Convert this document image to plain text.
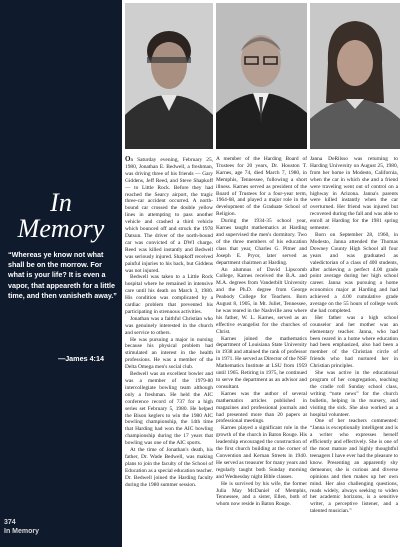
In
Memory
“Whereas ye know not what shall be on the morrow. For what is your life? It is even a vapor, that appeareth for a little time, and then vanisheth away.”
—James 4:14
374
In Memory

On Saturday evening, February 25, 1980, Jonathan E. Bedwell, a freshman, was driving three of his friends — Gary Giddens, Jeff Reed, and Steve Shapkoff — to Little Rock. Before they had reached the Searcy airport, the tragic three-car accident occurred. A north-bound car crossed the double yellow lines in attempting to pass another vehicle and crashed a third vehicle which bounced off and struck the 1978 Datsun. The driver of the north-bound car was convicted of a DWI charge. Reed was killed instantly and Bedwell was seriously injured. Shapkoff received painful injuries to his back, but Giddens was not injured.

Bedwell was taken to a Little Rock hospital where he remained in intensive care until his death on March 3, 1980. His condition was complicated by a cardiac problem that prevented his participating in strenuous activities.

Jonathan was a faithful Christian who was genuinely interested in the church and service to others.

He was pursuing a major in nursing because his physical problem had stimulated an interest in the health professions. He was a member of the Delta Omega men's social club.

Bedwell was an excellent bowler and was a member of the 1979-80 intercollegiate bowling team although only a freshman. He held the AIC conference record of 737 for a high series set February 5, 1980. He helped the Bison keglers to win the 1980 AIC bowling championship, the 14th time that Harding had won the AIC bowling championship during the 17 years that bowling was one of the AIC sports.

At the time of Jonathan's death, his father, Dr. Wade Bedwell, was making plans to join the faculty of the School of Education as a special education teacher. Dr. Bedwell joined the Harding faculty during the 1980 summer session.

A member of the Harding Board of Trustees for 20 years, Dr. Houston T. Karnes, age 74, died March 7, 1980, in Memphis, Tennessee, following a short illness. Karnes served as president of the Board of Trustees for a four-year term, 1964-68, and played a major role in the development of the Graduate School of Religion.

During the 1934-35 school year, Karnes taught mathematics at Harding and supervised the men's dormitory. Two of the three members of his education class that year, Charles G. Pitner and Joseph E. Pryor, later served as department chairmen at Harding.

An alumnus of David Lipscomb College, Karnes received the B.A. and M.A. degrees from Vanderbilt University and the Ph.D. degree from George Peabody College for Teachers. Born August 8, 1905, in Mt. Juliet, Tennessee, he was reared in the Nashville area where his father, W. L. Karnes, served as an effective evangelist for the churches of Christ.

Karnes joined the mathematics department of Louisiana State University in 1938 and attained the rank of professor in 1971. He served as Director of the NSF Mathematics Institute at LSU from 1959 until 1965. Retiring in 1975, he continued to serve the department as an advisor and consultant.

Karnes was the author of several mathematics articles published in magazines and professional journals and had presented more than 20 papers at professional meetings.

Karnes played a significant role in the growth of the church in Baton Rouge. His leadership encouraged the construction of the first church building at the corner of Convention and Kernan Streets in 1940. He served as treasurer for many years and regularly taught both Sunday morning and Wednesday night Bible classes.

He is survived by his wife, the former Julia May McDaniel of Memphis, Tennessee, and a sister, Ellen, both of whom now reside in Baton Rouge.

Janna DeRilsso was returning to Harding University on August 25, 1980, from her home in Modesto, California, when the car in which she and a friend were traveling went out of control on a highway in Arizona. Janna's parents were killed instantly when the car overturned. Her friend was injured but recovered during the fall and was able to enroll at Harding for the 1981 spring semester.

Born on September 28, 1960, in Modesto, Janna attended the Thomas Downey County High School all four years and was graduated as valedictorian of a class of 400 students, after achieving a perfect 4.00 grade point average during her high school career. Janna was pursuing a home economics major at Harding and had achieved a 4.00 cumulative grade average on the 55 hours of college work she had completed.

Her father was a high school counselor and her mother was an elementary teacher. Janna, who had been reared in a home where education had been emphasized, also had been a member of the Christian circle of friends who had nurtured her in Christian principles.

She was active in the educational program of her congregation, teaching the cradle roll Sunday school class, writing “note news” for the church bulletin, helping in the nursery, and visiting the sick. She also worked as a hospital volunteer.

One of her teachers commented: “Janna is exceptionally intelligent and is a writer who expresses herself efficiently and effectively. She is one of the most mature and highly thoughtful teenagers I have ever had the pleasure to know. Presenting an apparently shy demeanor, she is curious and diverse opinions and then makes up her own mind. Her also challenging questions, reads widely, always seeking to widen her academic horizons, is a sensitive writer, a perceptive listener, and a talented musician.”
